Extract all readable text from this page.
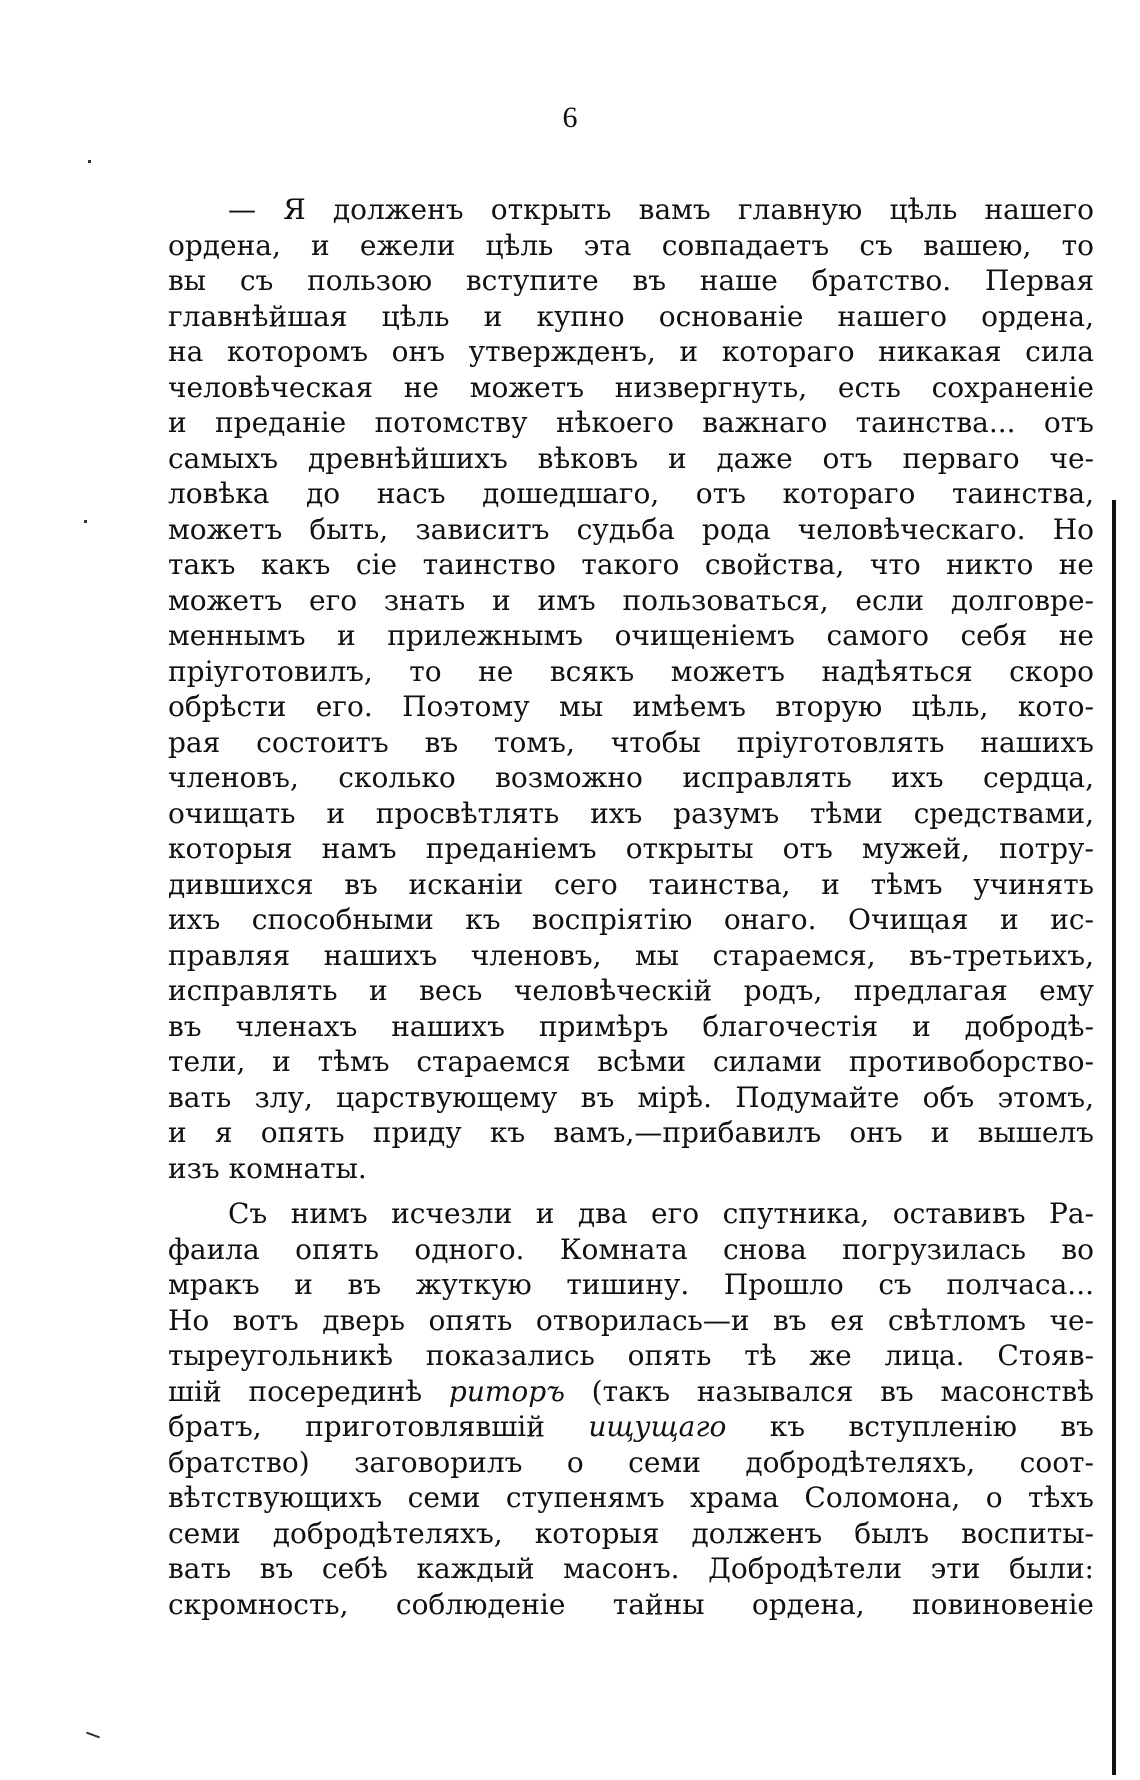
6
— Я долженъ открыть вамъ главную цѣль нашего
ордена, и ежели цѣль эта совпадаетъ съ вашею, то
вы съ пользою вступите въ наше братство. Первая
главнѣйшая цѣль и купно основаніе нашего ордена,
на которомъ онъ утвержденъ, и котораго никакая сила
человѣческая не можетъ низвергнуть, есть сохраненіе
и преданіе потомству нѣкоего важнаго таинства... отъ
самыхъ древнѣйшихъ вѣковъ и даже отъ перваго че-
ловѣка до насъ дошедшаго, отъ котораго таинства,
можетъ быть, зависитъ судьба рода человѣческаго. Но
такъ какъ сіе таинство такого свойства, что никто не
можетъ его знать и имъ пользоваться, если долговре-
меннымъ и прилежнымъ очищеніемъ самого себя не
пріуготовилъ, то не всякъ можетъ надѣяться скоро
обрѣсти его. Поэтому мы имѣемъ вторую цѣль, кото-
рая состоитъ въ томъ, чтобы пріуготовлять нашихъ
членовъ, сколько возможно исправлять ихъ сердца,
очищать и просвѣтлять ихъ разумъ тѣми средствами,
которыя намъ преданіемъ открыты отъ мужей, потру-
дившихся въ исканіи сего таинства, и тѣмъ учинять
ихъ способными къ воспріятію онаго. Очищая и ис-
правляя нашихъ членовъ, мы стараемся, въ-третьихъ,
исправлять и весь человѣческій родъ, предлагая ему
въ членахъ нашихъ примѣръ благочестія и добродѣ-
тели, и тѣмъ стараемся всѣми силами противоборство-
вать злу, царствующему въ мірѣ. Подумайте объ этомъ,
и я опять приду къ вамъ,—прибавилъ онъ и вышелъ
изъ комнаты.
Съ нимъ исчезли и два его спутника, оставивъ Ра-
фаила опять одного. Комната снова погрузилась во
мракъ и въ жуткую тишину. Прошло съ полчаса...
Но вотъ дверь опять отворилась—и въ ея свѣтломъ че-
тыреугольникѣ показались опять тѣ же лица. Стояв-
шій посерединѣ риторъ (такъ назывался въ масонствѣ
братъ, приготовлявшій ищущаго къ вступленію въ
братство) заговорилъ о семи добродѣтеляхъ, соот-
вѣтствующихъ семи ступенямъ храма Соломона, о тѣхъ
семи добродѣтеляхъ, которыя долженъ былъ воспиты-
вать въ себѣ каждый масонъ. Добродѣтели эти были:
скромность, соблюденіе тайны ордена, повиновеніе
